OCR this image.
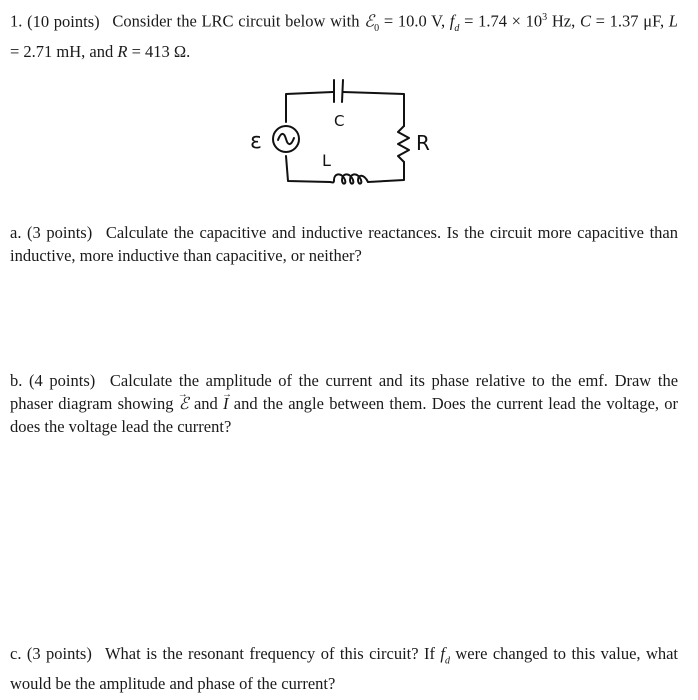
1. (10 points) Consider the LRC circuit below with ℰ$_0$ = 10.0 V, $f_d = 1.74 \times 10^3$ Hz, C = 1.37 μF, L = 2.71 mH, and R = 413 Ω.
ε
C
L
R
a. (3 points) Calculate the capacitive and inductive reactances. Is the circuit more capacitive than inductive, more inductive than capacitive, or neither?
b. (4 points) Calculate the amplitude of the current and its phase relative to the emf. Draw the phaser diagram showing ℰ → and I → and the angle between them. Does the current lead the voltage, or does the voltage lead the current?
c. (3 points) What is the resonant frequency of this circuit? If $f_d$ were changed to this value, what would be the amplitude and phase of the current?
